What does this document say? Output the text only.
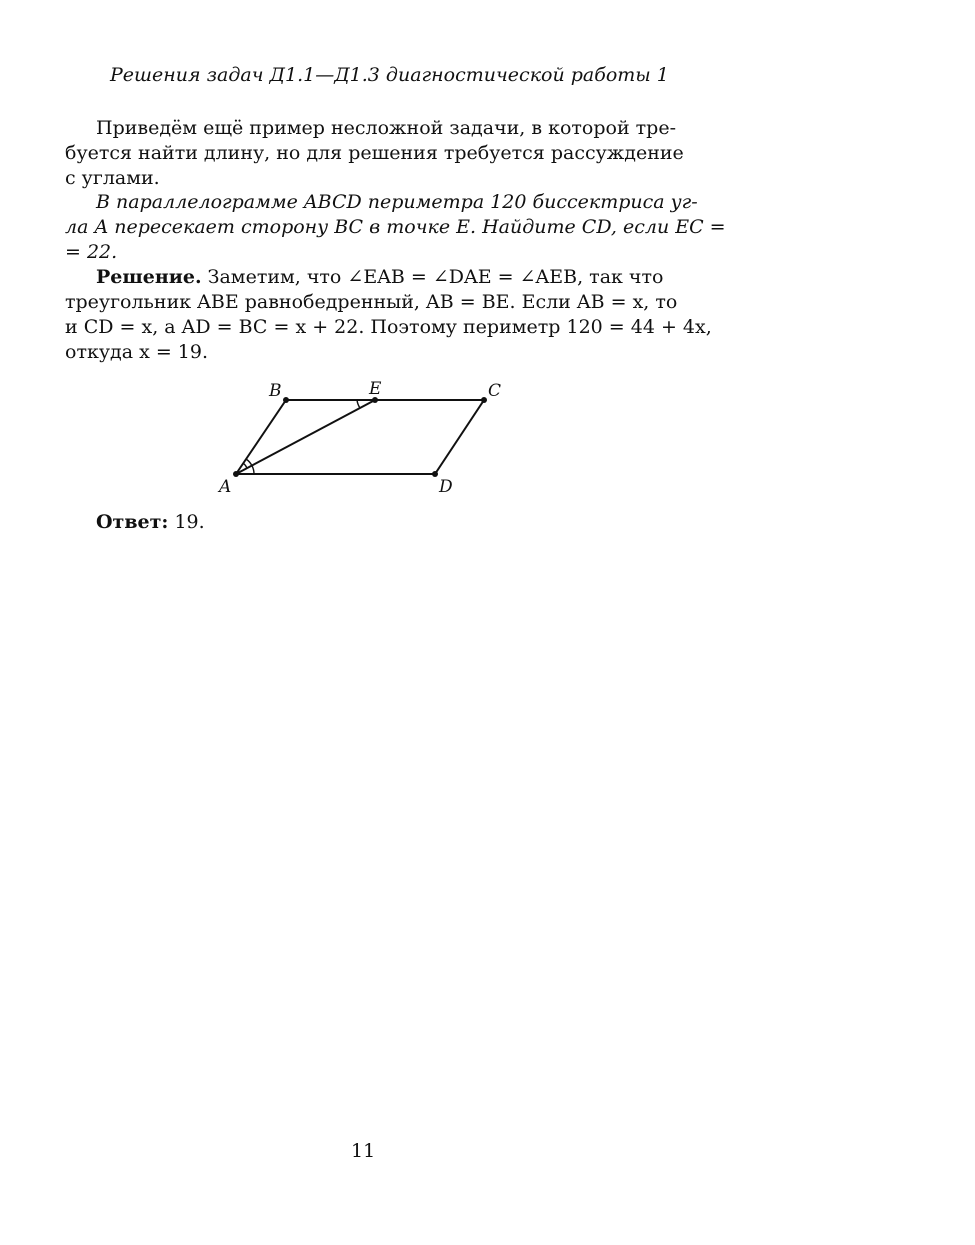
Решения задач Д1.1—Д1.3 диагностической работы 1
Приведём ещё пример несложной задачи, в которой тре-
буется найти длину, но для решения требуется рассуждение
с углами.
В параллелограмме ABCD периметра 120 биссектриса уг-
ла A пересекает сторону BC в точке E. Найдите CD, если EC =
= 22.
Решение. Заметим, что ∠EAB = ∠DAE = ∠AEB, так что
треугольник ABE равнобедренный, AB = BE. Если AB = x, то
и CD = x, а AD = BC = x + 22. Поэтому периметр 120 = 44 + 4x,
откуда x = 19.
A
B	E	C
D
Ответ: 19.
11
